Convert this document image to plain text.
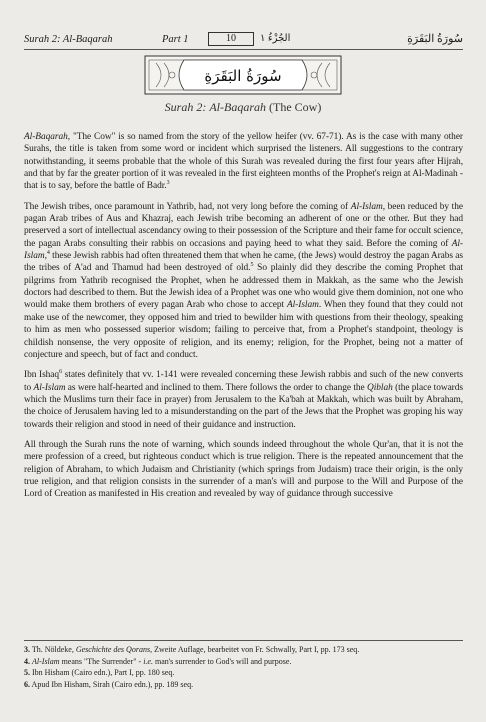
Surah 2: Al-Baqarah	Part 1	10	الجُزْءُ ١	سُورَةُ البَقَرَةِ
سُورَةُ البَقَرَةِ
Surah 2: Al-Baqarah (The Cow)

Al-Baqarah, "The Cow" is so named from the story of the yellow heifer (vv. 67-71). As is the case with many other Surahs, the title is taken from some word or incident which surprised the listeners. All suggestions to the contrary notwithstanding, it seems probable that the whole of this Surah was revealed during the first four years after Hijrah, and that by far the greater portion of it was revealed in the first eighteen months of the Prophet's reign at Al-Madinah - that is to say, before the battle of Badr.$^3$

The Jewish tribes, once paramount in Yathrib, had, not very long before the coming of Al-Islam, been reduced by the pagan Arab tribes of Aus and Khazraj, each Jewish tribe becoming an adherent of one or the other. But they had preserved a sort of intellectual ascendancy owing to their possession of the Scripture and their fame for occult science, the pagan Arabs consulting their rabbis on occasions and paying heed to what they said. Before the coming of Al-Islam,$^4$ these Jewish rabbis had often threatened them that when he came, (the Jews) would destroy the pagan Arabs as the tribes of A'ad and Thamud had been destroyed of old.$^5$ So plainly did they describe the coming Prophet that pilgrims from Yathrib recognised the Prophet, when he addressed them in Makkah, as the same who the Jewish doctors had described to them. But the Jewish idea of a Prophet was one who would give them dominion, not one who would make them brothers of every pagan Arab who chose to accept Al-Islam. When they found that they could not make use of the newcomer, they opposed him and tried to bewilder him with questions from their theology, speaking to him as men who possessed superior wisdom; failing to perceive that, from a Prophet's standpoint, theology is childish nonsense, the very opposite of religion, and its enemy; religion, for the Prophet, being not a matter of conjecture and speech, but of fact and conduct.

Ibn Ishaq$^6$ states definitely that vv. 1-141 were revealed concerning these Jewish rabbis and such of the new converts to Al-Islam as were half-hearted and inclined to them. There follows the order to change the Qiblah (the place towards which the Muslims turn their face in prayer) from Jerusalem to the Ka'bah at Makkah, which was built by Abraham, the choice of Jerusalem having led to a misunderstanding on the part of the Jews that the Prophet was groping his way towards their religion and stood in need of their guidance and instruction.

All through the Surah runs the note of warning, which sounds indeed throughout the whole Qur'an, that it is not the mere profession of a creed, but righteous conduct which is true religion. There is the repeated announcement that the religion of Abraham, to which Judaism and Christianity (which springs from Judaism) trace their origin, is the only true religion, and that religion consists in the surrender of a man's will and purpose to the Will and Purpose of the Lord of Creation as manifested in His creation and revealed by way of guidance through successive

3. Th. Nöldeke, Geschichte des Qorans, Zweite Auflage, bearbeitet von Fr. Schwally, Part I, pp. 173 seq.

4. Al-Islam means "The Surrender" - i.e. man's surrender to God's will and purpose.

5. Ibn Hisham (Cairo edn.), Part I, pp. 180 seq.

6. Apud Ibn Hisham, Sirah (Cairo edn.), pp. 189 seq.
